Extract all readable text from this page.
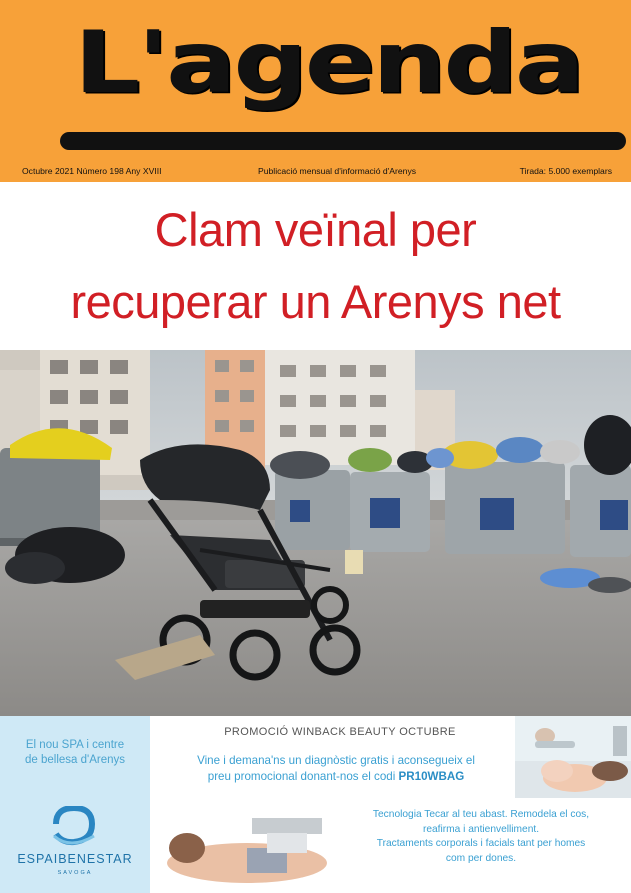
L'agenda
Octubre 2021 Número 198 Any XVIII	Publicació mensual d'informació d'Arenys	Tirada: 5.000 exemplars
Clam veïnal per
recuperar un Arenys net
El nou SPA i centre
de bellesa d'Arenys
ESPAIBENESTAR
SAVOGA
PROMOCIÓ WINBACK BEAUTY OCTUBRE
Vine i demana'ns un diagnòstic gratis i aconsegueix el
preu promocional donant-nos el codi PR10WBAG
Tecnologia Tecar al teu abast. Remodela el cos,
reafirma i antienvelliment.
Tractaments corporals i facials tant per homes
com per dones.
